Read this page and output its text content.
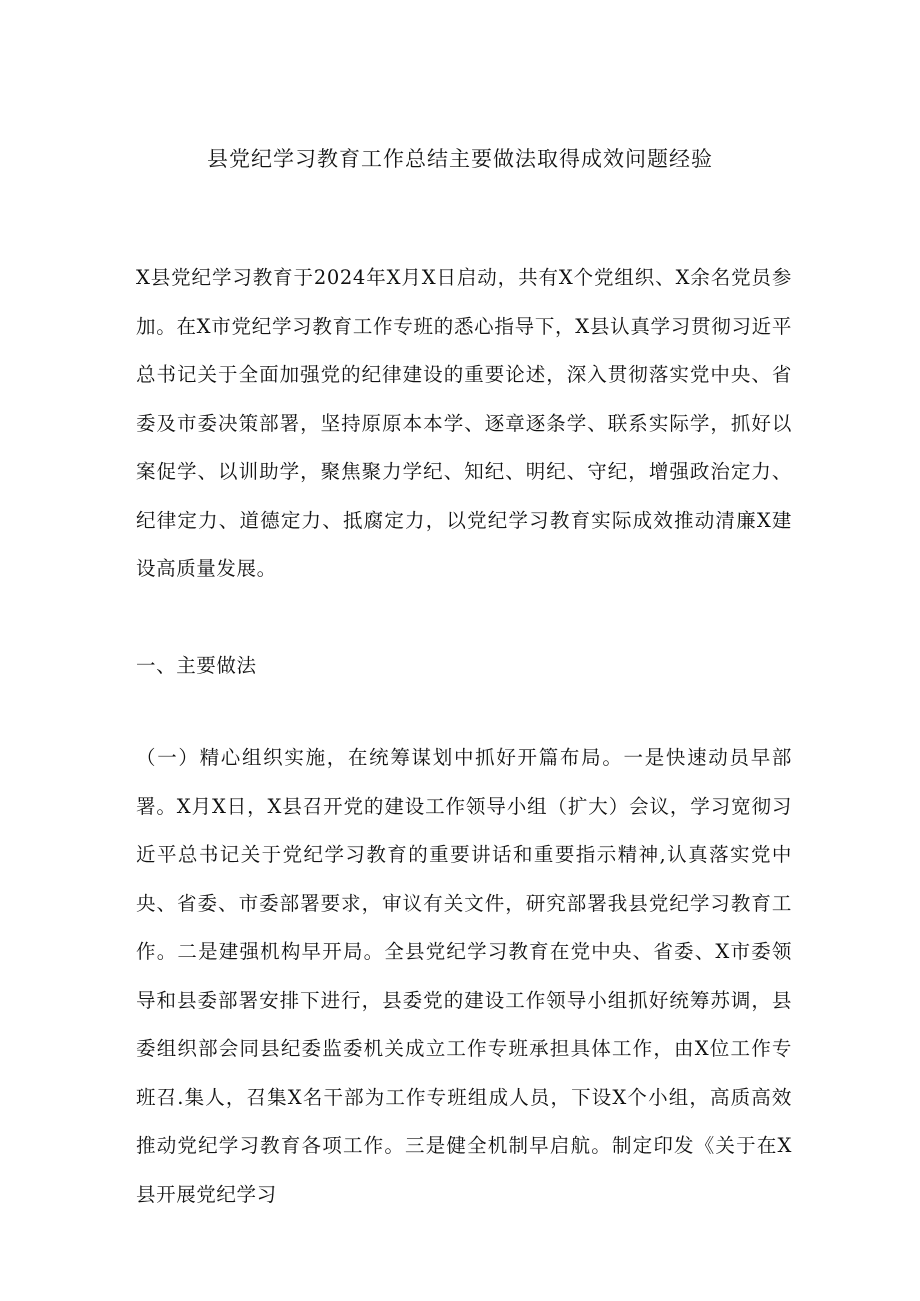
县党纪学习教育工作总结主要做法取得成效问题经验

X县党纪学习教育于2024年X月X日启动，共有X个党组织、X余名党员参加。在X市党纪学习教育工作专班的悉心指导下，X县认真学习贯彻习近平总书记关于全面加强党的纪律建设的重要论述，深入贯彻落实党中央、省委及市委决策部署，坚持原原本本学、逐章逐条学、联系实际学，抓好以案促学、以训助学，聚焦聚力学纪、知纪、明纪、守纪，增强政治定力、纪律定力、道德定力、抵腐定力，以党纪学习教育实际成效推动清廉X建设高质量发展。

一、主要做法

（一）精心组织实施，在统筹谋划中抓好开篇布局。一是快速动员早部署。X月X日，X县召开党的建设工作领导小组（扩大）会议，学习宽彻习近平总书记关于党纪学习教育的重要讲话和重要指示精神,认真落实党中央、省委、市委部署要求，审议有关文件，研究部署我县党纪学习教育工作。二是建强机构早开局。全县党纪学习教育在党中央、省委、X市委领导和县委部署安排下进行，县委党的建设工作领导小组抓好统筹苏调，县委组织部会同县纪委监委机关成立工作专班承担具体工作，由X位工作专班召.集人，召集X名干部为工作专班组成人员，下设X个小组，高质高效推动党纪学习教育各项工作。三是健全机制早启航。制定印发《关于在X县开展党纪学习
